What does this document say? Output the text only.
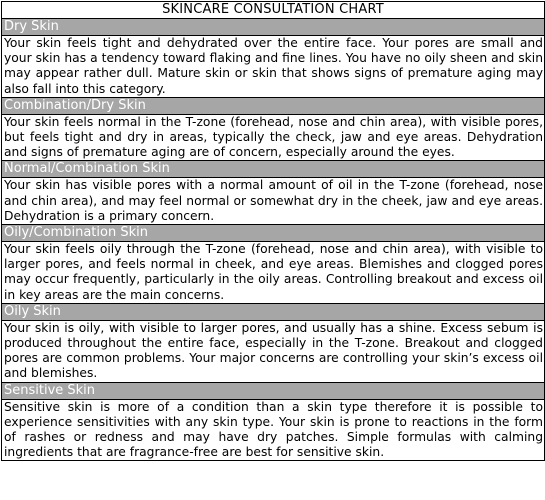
SKINCARE CONSULTATION CHART
Dry Skin
Your skin feels tight and dehydrated over the entire face. Your pores are small and your skin has a tendency toward flaking and fine lines. You have no oily sheen and skin may appear rather dull. Mature skin or skin that shows signs of premature aging may also fall into this category.
Combination/Dry Skin
Your skin feels normal in the T-zone (forehead, nose and chin area), with visible pores, but feels tight and dry in areas, typically the check, jaw and eye areas. Dehydration and signs of premature aging are of concern, especially around the eyes.
Normal/Combination Skin
Your skin has visible pores with a normal amount of oil in the T-zone (forehead, nose and chin area), and may feel normal or somewhat dry in the cheek, jaw and eye areas. Dehydration is a primary concern.
Oily/Combination Skin
Your skin feels oily through the T-zone (forehead, nose and chin area), with visible to larger pores, and feels normal in cheek, and eye areas. Blemishes and clogged pores may occur frequently, particularly in the oily areas. Controlling breakout and excess oil in key areas are the main concerns.
Oily Skin
Your skin is oily, with visible to larger pores, and usually has a shine. Excess sebum is produced throughout the entire face, especially in the T-zone. Breakout and clogged pores are common problems. Your major concerns are controlling your skin’s excess oil and blemishes.
Sensitive Skin
Sensitive skin is more of a condition than a skin type therefore it is possible to experience sensitivities with any skin type. Your skin is prone to reactions in the form of rashes or redness and may have dry patches. Simple formulas with calming ingredients that are fragrance-free are best for sensitive skin.
